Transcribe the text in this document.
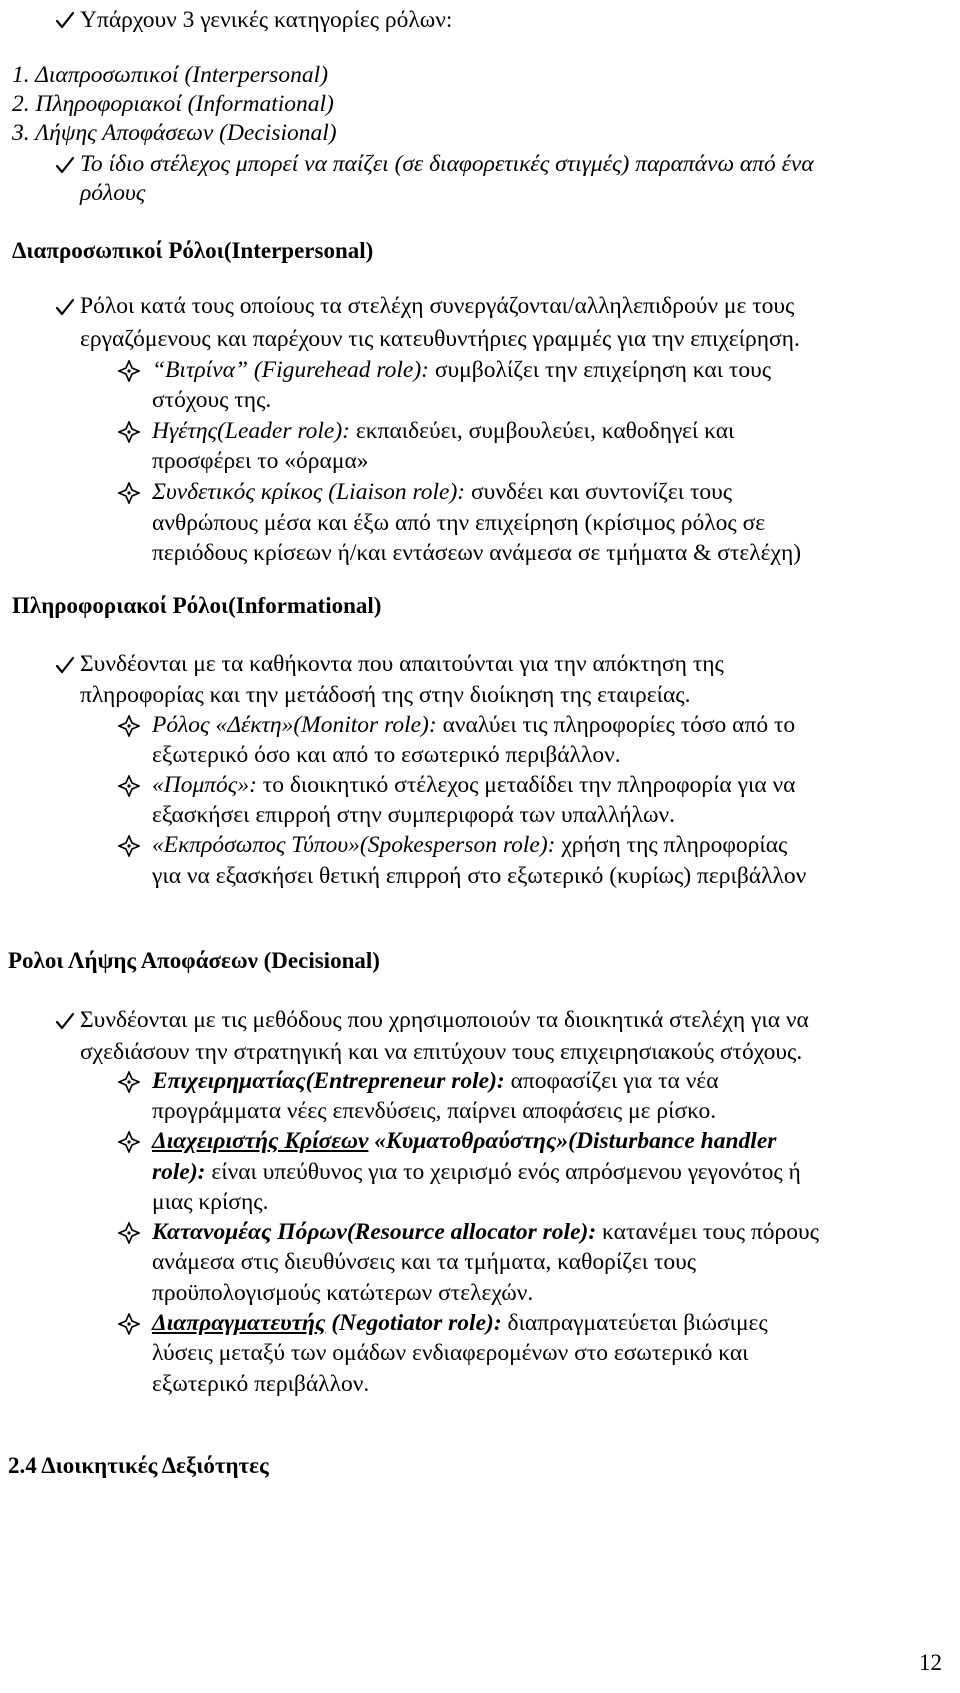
Υπάρχουν 3 γενικές κατηγορίες ρόλων:
1. Διαπροσωπικοί (Interpersonal)
2. Πληροφοριακοί (Informational)
3. Λήψης Αποφάσεων (Decisional)
Το ίδιο στέλεχος μπορεί να παίζει (σε διαφορετικές στιγμές) παραπάνω από ένα
ρόλους
Διαπροσωπικοί Ρόλοι(Interpersonal)
Ρόλοι κατά τους οποίους τα στελέχη συνεργάζονται/αλληλεπιδρούν με τους
εργαζόμενους και παρέχουν τις κατευθυντήριες γραμμές για την επιχείρηση.
“Βιτρίνα” (Figurehead role): συμβολίζει την επιχείρηση και τους
στόχους της.
Ηγέτης(Leader role): εκπαιδεύει, συμβουλεύει, καθοδηγεί και
προσφέρει το «όραμα»
Συνδετικός κρίκος (Liaison role): συνδέει και συντονίζει τους
ανθρώπους μέσα και έξω από την επιχείρηση (κρίσιμος ρόλος σε
περιόδους κρίσεων ή/και εντάσεων ανάμεσα σε τμήματα & στελέχη)
Πληροφοριακοί Ρόλοι(Informational)
Συνδέονται με τα καθήκοντα που απαιτούνται για την απόκτηση της
πληροφορίας και την μετάδοσή της στην διοίκηση της εταιρείας.
Ρόλος «Δέκτη»(Monitor role): αναλύει τις πληροφορίες τόσο από το
εξωτερικό όσο και από το εσωτερικό περιβάλλον.
«Πομπός»: το διοικητικό στέλεχος μεταδίδει την πληροφορία για να
εξασκήσει επιρροή στην συμπεριφορά των υπαλλήλων.
«Εκπρόσωπος Τύπου»(Spokesperson role): χρήση της πληροφορίας
για να εξασκήσει θετική επιρροή στο εξωτερικό (κυρίως) περιβάλλον
Ρολοι Λήψης Αποφάσεων (Decisional)
Συνδέονται με τις μεθόδους που χρησιμοποιούν τα διοικητικά στελέχη για να
σχεδιάσουν την στρατηγική και να επιτύχουν τους επιχειρησιακούς στόχους.
Επιχειρηματίας(Entrepreneur role): αποφασίζει για τα νέα
προγράμματα νέες επενδύσεις, παίρνει αποφάσεις με ρίσκο.
Διαχειριστής Κρίσεων «Κυματοθραύστης»(Disturbance handler
role): είναι υπεύθυνος για το χειρισμό ενός απρόσμενου γεγονότος ή
μιας κρίσης.
Κατανομέας Πόρων(Resource allocator role): κατανέμει τους πόρους
ανάμεσα στις διευθύνσεις και τα τμήματα, καθορίζει τους
προϋπολογισμούς κατώτερων στελεχών.
Διαπραγματευτής (Negotiator role): διαπραγματεύεται βιώσιμες
λύσεις μεταξύ των ομάδων ενδιαφερομένων στο εσωτερικό και
εξωτερικό περιβάλλον.
2.4 Διοικητικές Δεξιότητες
12
